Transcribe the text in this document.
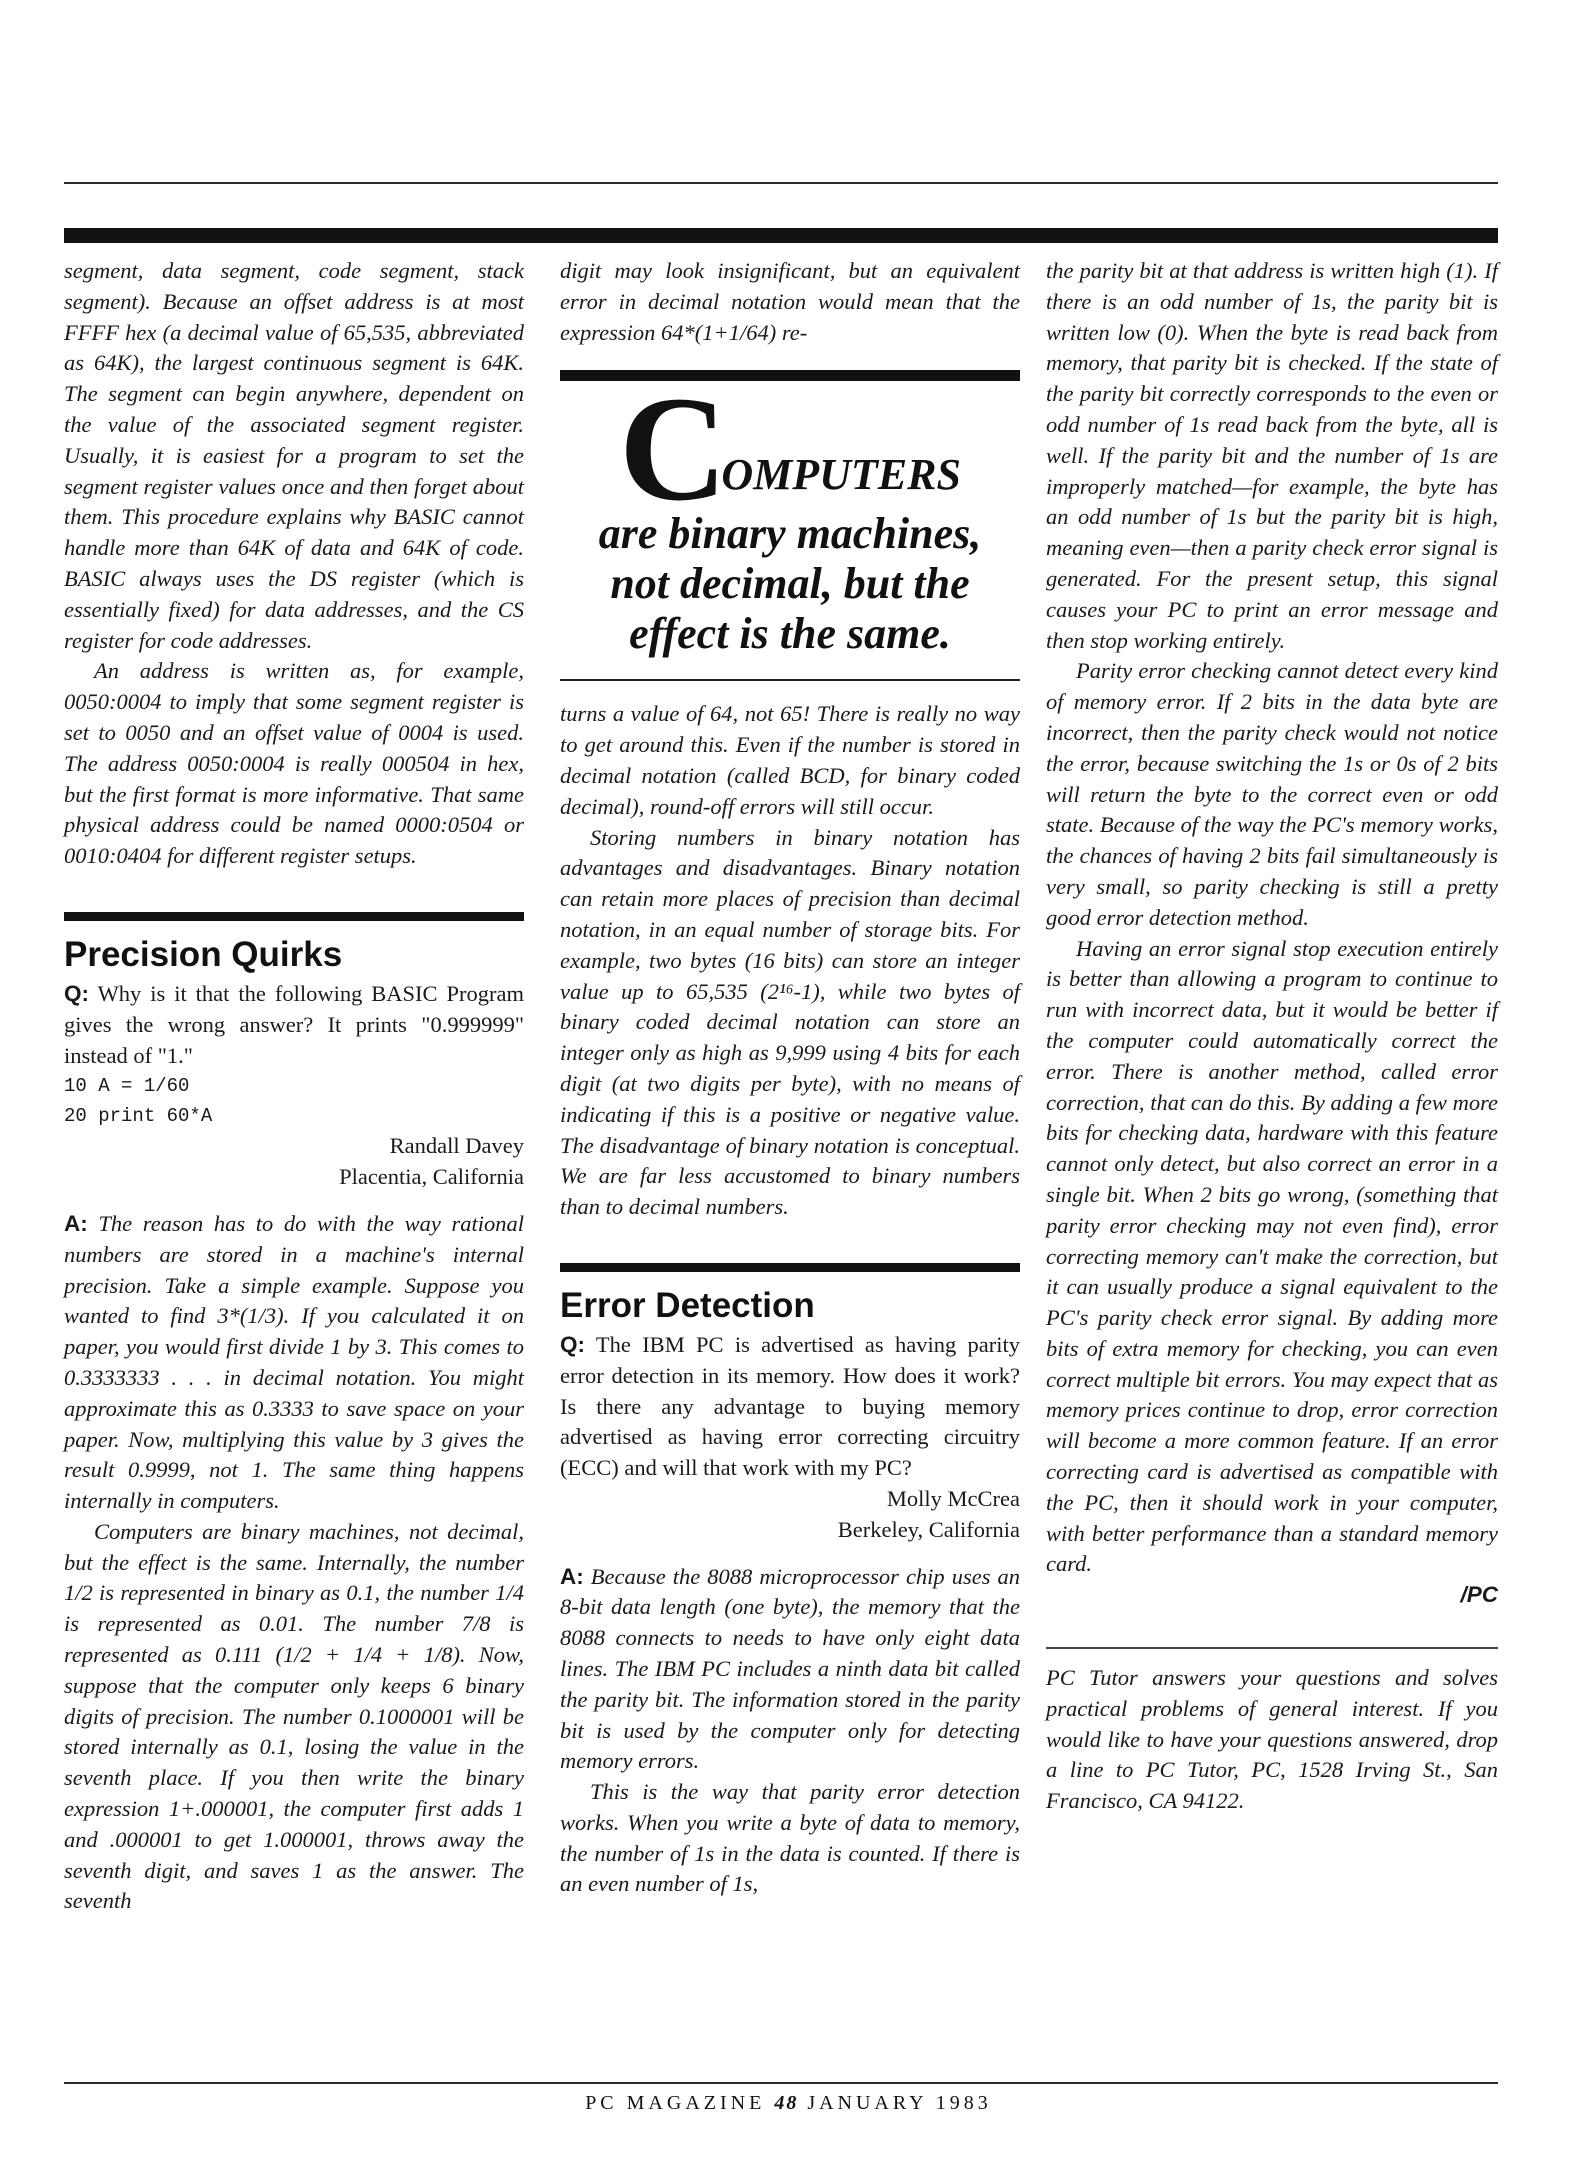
segment, data segment, code segment, stack segment). Because an offset address is at most FFFF hex (a decimal value of 65,535, abbreviated as 64K), the largest continuous segment is 64K. The segment can begin anywhere, dependent on the value of the associated segment register. Usually, it is easiest for a program to set the segment register values once and then forget about them. This procedure explains why BASIC cannot handle more than 64K of data and 64K of code. BASIC always uses the DS register (which is essentially fixed) for data addresses, and the CS register for code addresses.

An address is written as, for example, 0050:0004 to imply that some segment register is set to 0050 and an offset value of 0004 is used. The address 0050:0004 is really 000504 in hex, but the first format is more informative. That same physical address could be named 0000:0504 or 0010:0404 for different register setups.

Precision Quirks

Q: Why is it that the following BASIC Program gives the wrong answer? It prints "0.999999" instead of "1."

10 A = 1/60
20 print 60*A

Randall Davey

Placentia, California

A: The reason has to do with the way rational numbers are stored in a machine's internal precision. Take a simple example. Suppose you wanted to find 3*(1/3). If you calculated it on paper, you would first divide 1 by 3. This comes to 0.3333333 . . . in decimal notation. You might approximate this as 0.3333 to save space on your paper. Now, multiplying this value by 3 gives the result 0.9999, not 1. The same thing happens internally in computers.

Computers are binary machines, not decimal, but the effect is the same. Internally, the number 1/2 is represented in binary as 0.1, the number 1/4 is represented as 0.01. The number 7/8 is represented as 0.111 (1/2 + 1/4 + 1/8). Now, suppose that the computer only keeps 6 binary digits of precision. The number 0.1000001 will be stored internally as 0.1, losing the value in the seventh place. If you then write the binary expression 1+.000001, the computer first adds 1 and .000001 to get 1.000001, throws away the seventh digit, and saves 1 as the answer. The seventh

digit may look insignificant, but an equivalent error in decimal notation would mean that the expression 64*(1+1/64) re-

COMPUTERS
are binary machines,
not decimal, but the
effect is the same.

turns a value of 64, not 65! There is really no way to get around this. Even if the number is stored in decimal notation (called BCD, for binary coded decimal), round-off errors will still occur.

Storing numbers in binary notation has advantages and disadvantages. Binary notation can retain more places of precision than decimal notation, in an equal number of storage bits. For example, two bytes (16 bits) can store an integer value up to 65,535 (2¹⁶-1), while two bytes of binary coded decimal notation can store an integer only as high as 9,999 using 4 bits for each digit (at two digits per byte), with no means of indicating if this is a positive or negative value. The disadvantage of binary notation is conceptual. We are far less accustomed to binary numbers than to decimal numbers.

Error Detection

Q: The IBM PC is advertised as having parity error detection in its memory. How does it work? Is there any advantage to buying memory advertised as having error correcting circuitry (ECC) and will that work with my PC?

Molly McCrea

Berkeley, California

A: Because the 8088 microprocessor chip uses an 8-bit data length (one byte), the memory that the 8088 connects to needs to have only eight data lines. The IBM PC includes a ninth data bit called the parity bit. The information stored in the parity bit is used by the computer only for detecting memory errors.

This is the way that parity error detection works. When you write a byte of data to memory, the number of 1s in the data is counted. If there is an even number of 1s,

the parity bit at that address is written high (1). If there is an odd number of 1s, the parity bit is written low (0). When the byte is read back from memory, that parity bit is checked. If the state of the parity bit correctly corresponds to the even or odd number of 1s read back from the byte, all is well. If the parity bit and the number of 1s are improperly matched—for example, the byte has an odd number of 1s but the parity bit is high, meaning even—then a parity check error signal is generated. For the present setup, this signal causes your PC to print an error message and then stop working entirely.

Parity error checking cannot detect every kind of memory error. If 2 bits in the data byte are incorrect, then the parity check would not notice the error, because switching the 1s or 0s of 2 bits will return the byte to the correct even or odd state. Because of the way the PC's memory works, the chances of having 2 bits fail simultaneously is very small, so parity checking is still a pretty good error detection method.

Having an error signal stop execution entirely is better than allowing a program to continue to run with incorrect data, but it would be better if the computer could automatically correct the error. There is another method, called error correction, that can do this. By adding a few more bits for checking data, hardware with this feature cannot only detect, but also correct an error in a single bit. When 2 bits go wrong, (something that parity error checking may not even find), error correcting memory can't make the correction, but it can usually produce a signal equivalent to the PC's parity check error signal. By adding more bits of extra memory for checking, you can even correct multiple bit errors. You may expect that as memory prices continue to drop, error correction will become a more common feature. If an error correcting card is advertised as compatible with the PC, then it should work in your computer, with better performance than a standard memory card.

/PC

PC Tutor answers your questions and solves practical problems of general interest. If you would like to have your questions answered, drop a line to PC Tutor, PC, 1528 Irving St., San Francisco, CA 94122.

PC MAGAZINE 48 JANUARY 1983
